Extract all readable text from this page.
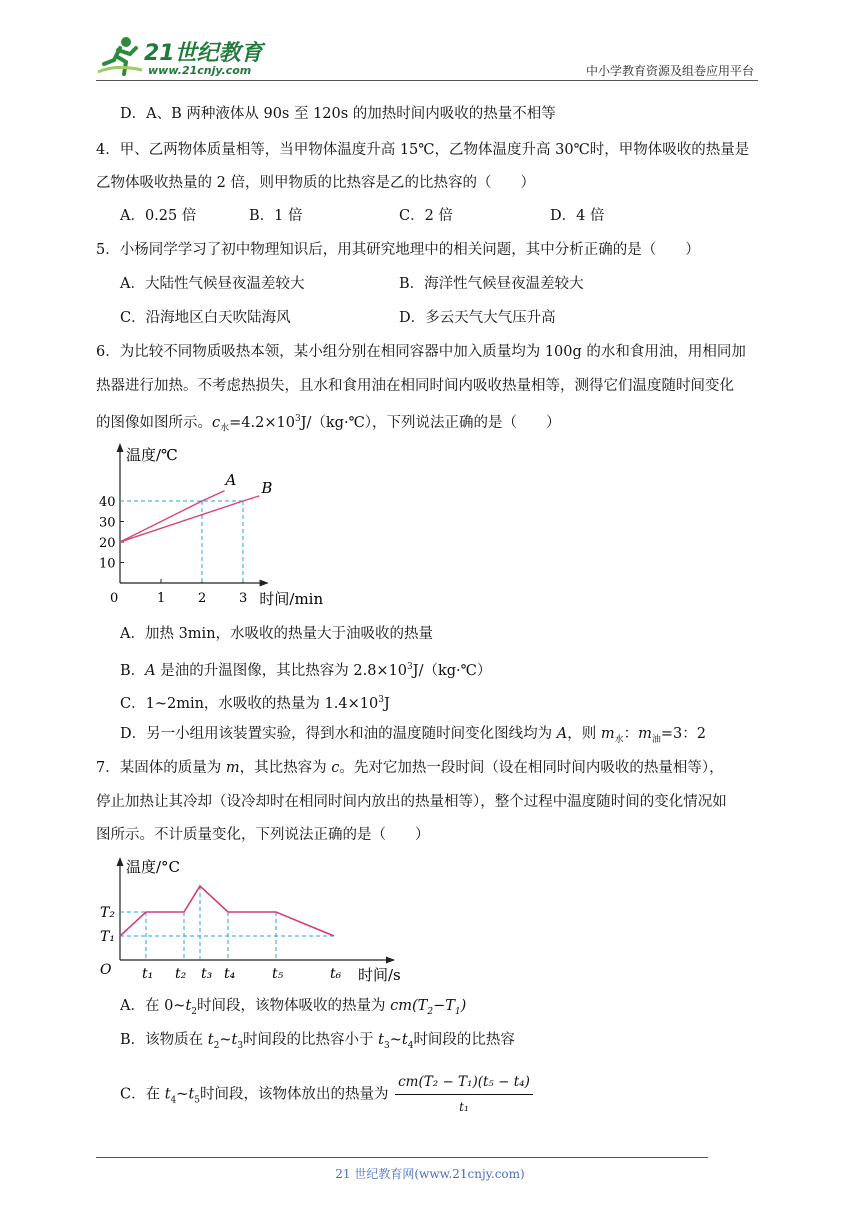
21世纪教育
www.21cnjy.com	中小学教育资源及组卷应用平台
D．A、B 两种液体从 90s 至 120s 的加热时间内吸收的热量不相等
4．甲、乙两物体质量相等，当甲物体温度升高 15℃，乙物体温度升高 30℃时，甲物体吸收的热量是
乙物体吸收热量的 2 倍，则甲物质的比热容是乙的比热容的（　　）
A．0.25 倍	B．1 倍	C．2 倍	D．4 倍
5．小杨同学学习了初中物理知识后，用其研究地理中的相关问题，其中分析正确的是（　　）
A．大陆性气候昼夜温差较大	B．海洋性气候昼夜温差较大
C．沿海地区白天吹陆海风	D．多云天气大气压升高
6．为比较不同物质吸热本领，某小组分别在相同容器中加入质量均为 100g 的水和食用油，用相同加
热器进行加热。不考虑热损失，且水和食用油在相同时间内吸收热量相等，测得它们温度随时间变化
的图像如图所示。$c_水=4.2\times 10^3J/(kg\cdot℃)$，下列说法正确的是（　　）
温度/℃
时间/min
10
20
30
40
1	2	3
0
A B
A．加热 3min，水吸收的热量大于油吸收的热量
B．A 是油的升温图像，其比热容为 $2.8\times 10^3J/(kg\cdot℃)$
C．1~2min，水吸收的热量为 $1.4\times 10^3J$
D．另一小组用该装置实验，得到水和油的温度随时间变化图线均为 A，则 $m_水$：$m_油=3$：2
7．某固体的质量为 m，其比热容为 c。先对它加热一段时间（设在相同时间内吸收的热量相等），
停止加热让其冷却（设冷却时在相同时间内放出的热量相等），整个过程中温度随时间的变化情况如
图所示。不计质量变化，下列说法正确的是（　　）
温度/°C
时间/s
O
T₂
T₁
t₁ t₂ t₃ t₄	t₅	t₆
A．在 $0\sim t_2$时间段，该物体吸收的热量为 $cm(T_2-T_1)$
B．该物质在 $t_2\sim t_3$时间段的比热容小于 $t_3\sim t_4$时间段的比热容
C．在 $t_4\sim t_5$时间段，该物体放出的热量为 $\frac{\text{cm(T₂ − T₁)(t₅ − t₄)}}{\text{t₁}}$
21 世纪教育网(www.21cnjy.com)
